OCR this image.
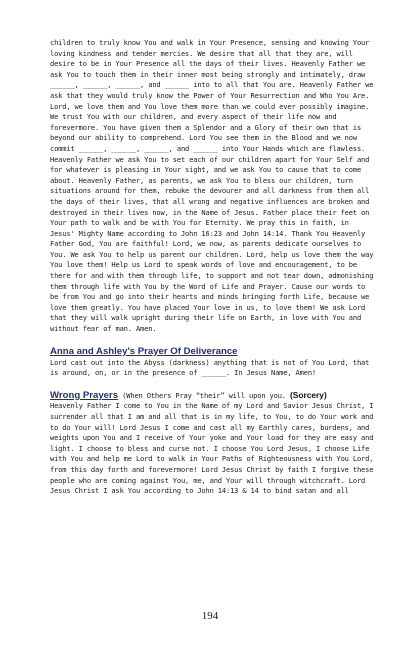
children to truly know You and walk in Your Presence, sensing and knowing Your loving kindness and tender mercies. We desire that all that they are, will desire to be in Your Presence all the days of their lives. Heavenly Father we ask You to touch them in their inner most being strongly and intimately, draw ______, ______, ______, and ______ into to all that You are. Heavenly Father we ask that they would truly know the Power of Your Resurrection and Who You Are. Lord, we love them and You love them more than we could ever possibly imagine. We trust You with our children, and every aspect of their life now and forevermore. You have given them a Splendor and a Glory of their own that is beyond our ability to comprehend. Lord You see them in the Blood and we now commit ______, ______, ______, and ______ into Your Hands which are flawless. Heavenly Father we ask You to set each of our children apart for Your Self and for whatever is pleasing in Your sight, and we ask You to cause that to come about. Heavenly Father, as parents, we ask You to bless our children, turn situations around for them, rebuke the devourer and all darkness from them all the days of their lives, that all wrong and negative influences are broken and destroyed in their lives now, in the Name of Jesus. Father place their feet on Your path to walk and be with You for Eternity. We pray this in faith, in Jesus' Mighty Name according to John 16:23 and John 14:14. Thank You Heavenly Father God, You are faithful! Lord, we now, as parents dedicate ourselves to You. We ask You to help us parent our children. Lord, help us love them the way You love them! Help us Lord to speak words of love and encouragement, to be there for and with them through life, to support and not tear down, admonishing them through life with You by the Word of Life and Prayer. Cause our words to be from You and go into their hearts and minds bringing forth Life, because we love them greatly. You have placed Your love in us, to love them! We ask Lord that they will walk upright during their life on Earth, in love with You and without fear of man. Amen.

Anna and Ashley's Prayer Of Deliverance

Lord cast out into the Abyss (darkness) anything that is not of You Lord, that is around, on, or in the presence of ______. In Jesus Name, Amen!

Wrong Prayers (When Others Pray “their” will upon you. (Sorcery)

Heavenly Father I come to You in the Name of my Lord and Savior Jesus Christ, I surrender all that I am and all that is in my life, to You, to do Your work and to do Your will! Lord Jesus I come and cast all my Earthly cares, burdens, and weights upon You and I receive of Your yoke and Your load for they are easy and light. I choose to bless and curse not. I choose You Lord Jesus, I choose Life with You and help me Lord to walk in Your Paths of Righteousness with You Lord, from this day forth and forevermore! Lord Jesus Christ by faith I forgive these people who are coming against You, me, and Your will through witchcraft. Lord Jesus Christ I ask You according to John 14:13 & 14 to bind satan and all

194
